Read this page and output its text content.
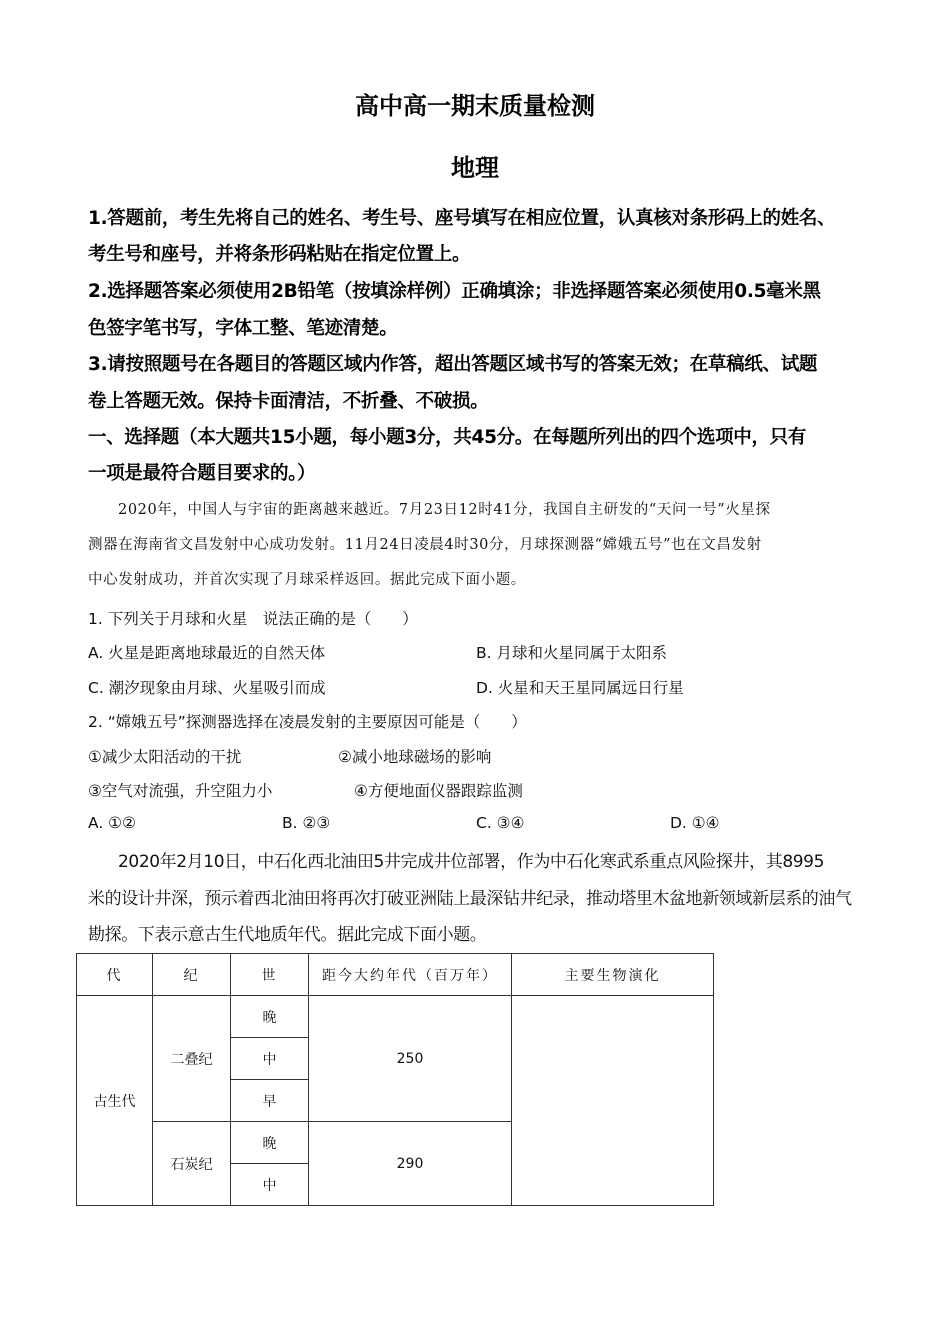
高中高一期末质量检测
地理
1.答题前，考生先将自己的姓名、考生号、座号填写在相应位置，认真核对条形码上的姓名、
考生号和座号，并将条形码粘贴在指定位置上。
2.选择题答案必须使用2B铅笔（按填涂样例）正确填涂；非选择题答案必须使用0.5毫米黑
色签字笔书写，字体工整、笔迹清楚。
3.请按照题号在各题目的答题区域内作答，超出答题区域书写的答案无效；在草稿纸、试题
卷上答题无效。保持卡面清洁，不折叠、不破损。
一、选择题（本大题共15小题，每小题3分，共45分。在每题所列出的四个选项中，只有
一项是最符合题目要求的。）
2020年，中国人与宇宙的距离越来越近。7月23日12时41分，我国自主研发的“天问一号”火星探
测器在海南省文昌发射中心成功发射。11月24日凌晨4时30分，月球探测器“嫦娥五号”也在文昌发射
中心发射成功，并首次实现了月球采样返回。据此完成下面小题。
1. 下列关于月球和火星　说法正确的是（　　）
A. 火星是距离地球最近的自然天体	B. 月球和火星同属于太阳系
C. 潮汐现象由月球、火星吸引而成	D. 火星和天王星同属远日行星
2. “嫦娥五号”探测器选择在凌晨发射的主要原因可能是（　　）
①减少太阳活动的干扰	②减小地球磁场的影响
③空气对流强，升空阻力小	④方便地面仪器跟踪监测
A. ①②	B. ②③	C. ③④	D. ①④
2020年2月10日，中石化西北油田5井完成井位部署，作为中石化寒武系重点风险探井，其8995
米的设计井深，预示着西北油田将再次打破亚洲陆上最深钻井纪录，推动塔里木盆地新领域新层系的油气
勘探。下表示意古生代地质年代。据此完成下面小题。
代	纪	世	距今大约年代（百万年）	主要生物演化
古生代	二叠纪	晚	250	
		中		
		早		
	石炭纪	晚	290	
		中		
